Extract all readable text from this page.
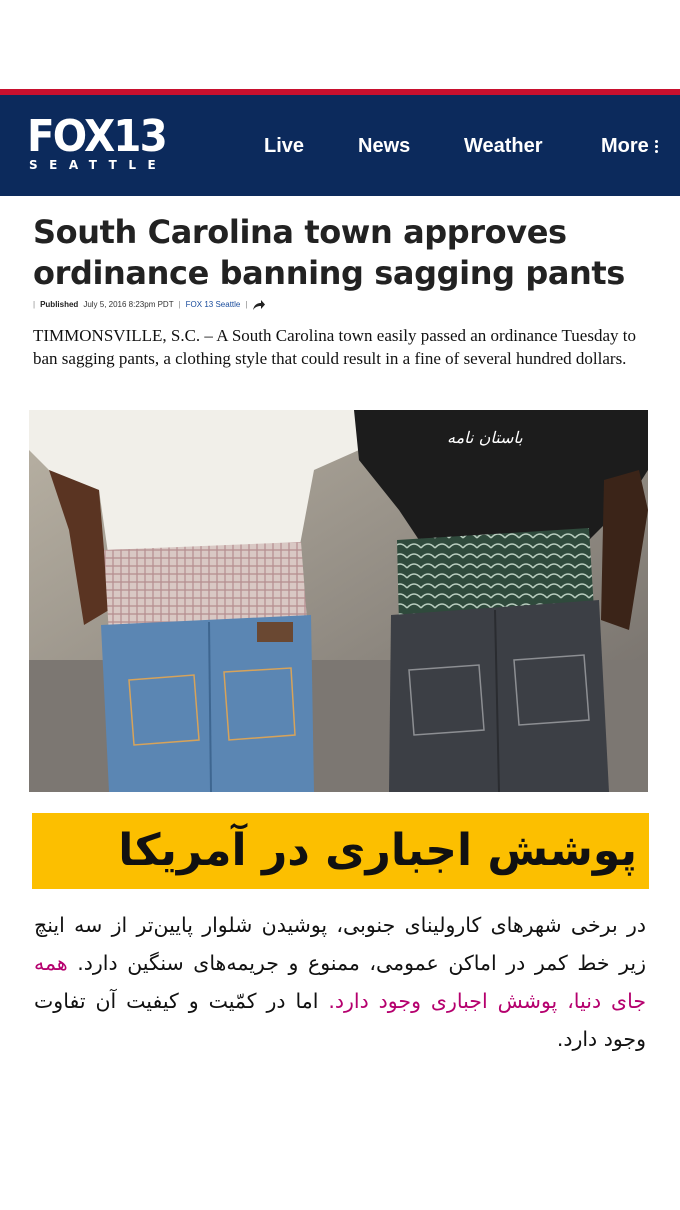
FOX13
SEATTLE
Live	News	Weather	More
South Carolina town approves ordinance banning sagging pants
| Published July 5, 2016 8:23pm PDT | FOX 13 Seattle |

TIMMONSVILLE, S.C. – A South Carolina town easily passed an ordinance Tuesday to ban sagging pants, a clothing style that could result in a fine of several hundred dollars.

باستان نامه
پوشش اجباری در آمریکا

در برخی شهرهای کارولینای جنوبی، پوشیدن شلوار پایین‌تر از سه اینچ زیر خط کمر در اماکن عمومی، ممنوع و جریمه‌های سنگین دارد. همه جای دنیا، پوشش اجباری وجود دارد. اما در کمّیت و کیفیت آن تفاوت وجود دارد.
